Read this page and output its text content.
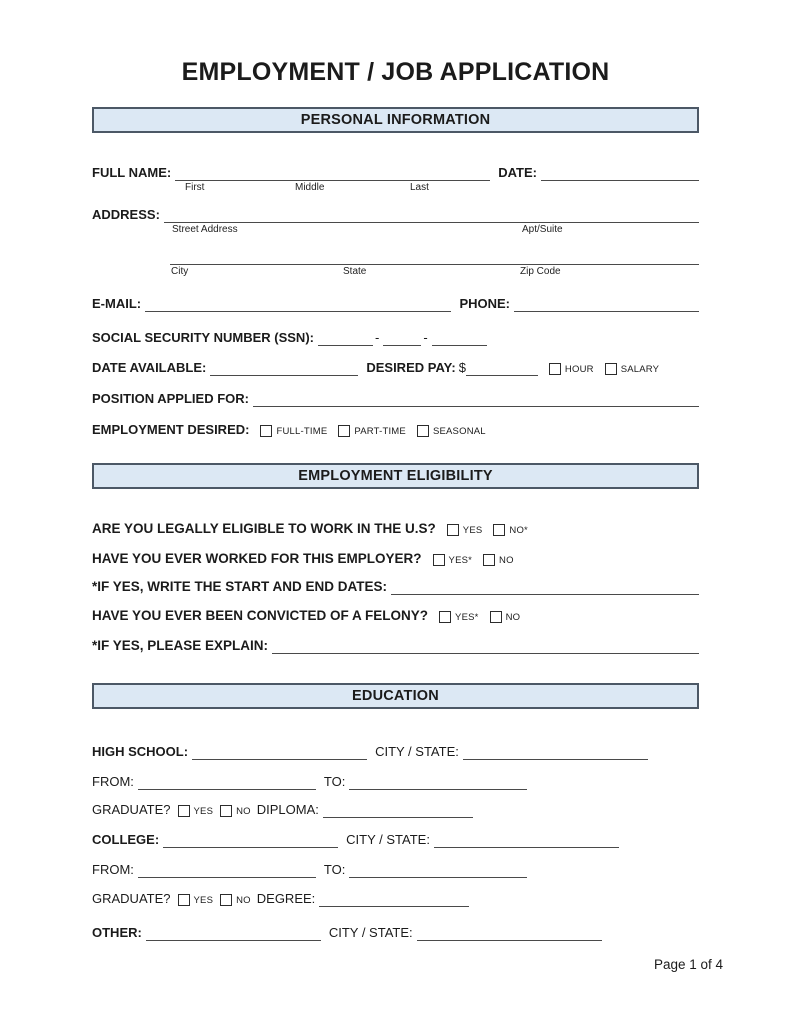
EMPLOYMENT / JOB APPLICATION
PERSONAL INFORMATION
FULL NAME:	DATE:
First	Middle	Last
ADDRESS:
Street Address	Apt/Suite
City	State	Zip Code
E-MAIL:	PHONE:
SOCIAL SECURITY NUMBER (SSN):	-	-
DATE AVAILABLE:	DESIRED PAY: $	HOUR	SALARY
POSITION APPLIED FOR:
EMPLOYMENT DESIRED:	FULL-TIME	PART-TIME	SEASONAL
EMPLOYMENT ELIGIBILITY
ARE YOU LEGALLY ELIGIBLE TO WORK IN THE U.S?	YES	NO*
HAVE YOU EVER WORKED FOR THIS EMPLOYER?	YES*	NO
*IF YES, WRITE THE START AND END DATES:
HAVE YOU EVER BEEN CONVICTED OF A FELONY?	YES*	NO
*IF YES, PLEASE EXPLAIN:
EDUCATION
HIGH SCHOOL:	CITY / STATE:
FROM:	TO:
GRADUATE? YES NO DIPLOMA:
COLLEGE:	CITY / STATE:
FROM:	TO:
GRADUATE? YES NO DEGREE:
OTHER:	CITY / STATE:
Page 1 of 4
